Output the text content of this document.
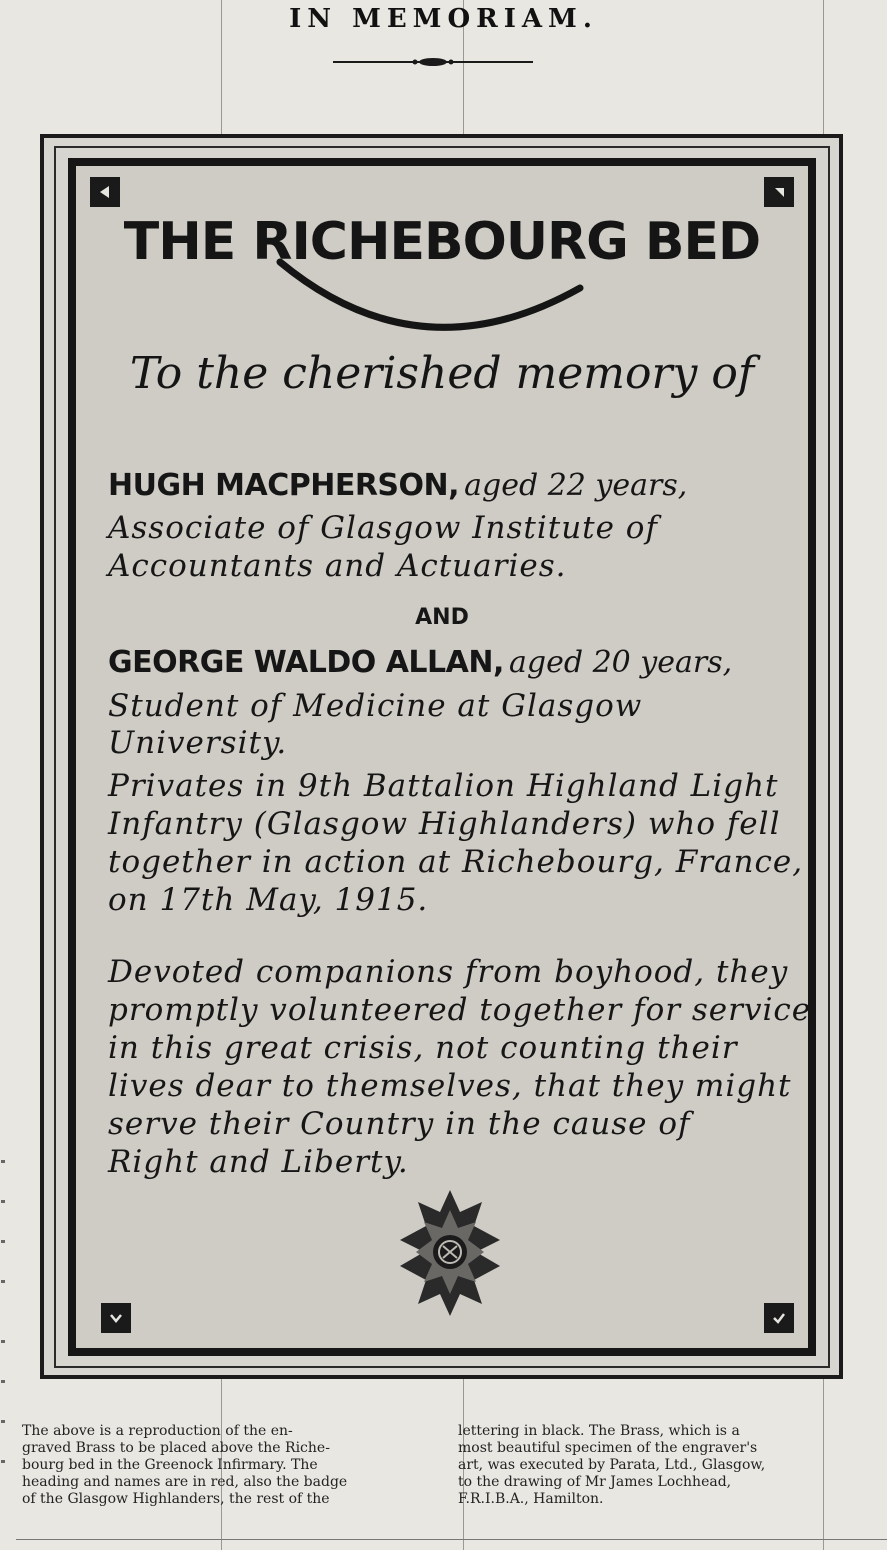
IN MEMORIAM.
THE RICHEBOURG BED
To the cherished memory of
HUGH MACPHERSON, aged 22 years,
Associate of Glasgow Institute of
Accountants and Actuaries.
AND
GEORGE WALDO ALLAN, aged 20 years,
Student of Medicine at Glasgow
University.
Privates in 9th Battalion Highland Light
Infantry (Glasgow Highlanders) who fell
together in action at Richebourg, France,
on 17th May, 1915.
Devoted companions from boyhood, they
promptly volunteered together for service
in this great crisis, not counting their
lives dear to themselves, that they might
serve their Country in the cause of
Right and Liberty.
The above is a reproduction of the en-
graved Brass to be placed above the Riche-
bourg bed in the Greenock Infirmary. The
heading and names are in red, also the badge
of the Glasgow Highlanders, the rest of the
lettering in black. The Brass, which is a
most beautiful specimen of the engraver's
art, was executed by Parata, Ltd., Glasgow,
to the drawing of Mr James Lochhead,
F.R.I.B.A., Hamilton.
